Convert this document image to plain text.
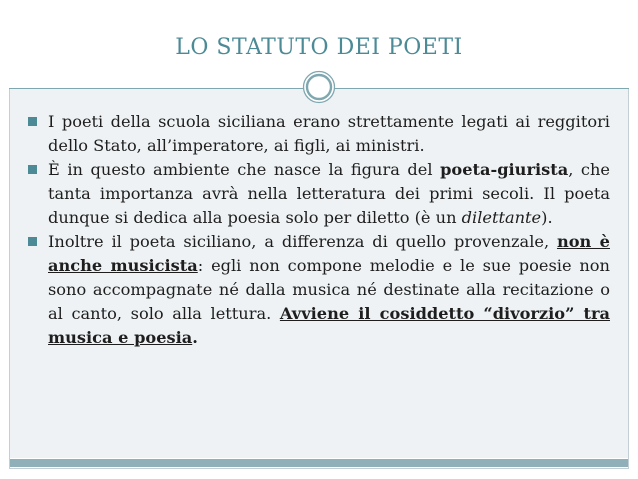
LO STATUTO DEI POETI
I poeti della scuola siciliana erano strettamente legati ai reggitori dello Stato, all’imperatore, ai figli, ai ministri.
È in questo ambiente che nasce la figura del poeta-giurista, che tanta importanza avrà nella letteratura dei primi secoli. Il poeta dunque si dedica alla poesia solo per diletto (è un dilettante).
Inoltre il poeta siciliano, a differenza di quello provenzale, non è anche musicista: egli non compone melodie e le sue poesie non sono accompagnate né dalla musica né destinate alla recitazione o al canto, solo alla lettura. Avviene il cosiddetto “divorzio” tra musica e poesia.
